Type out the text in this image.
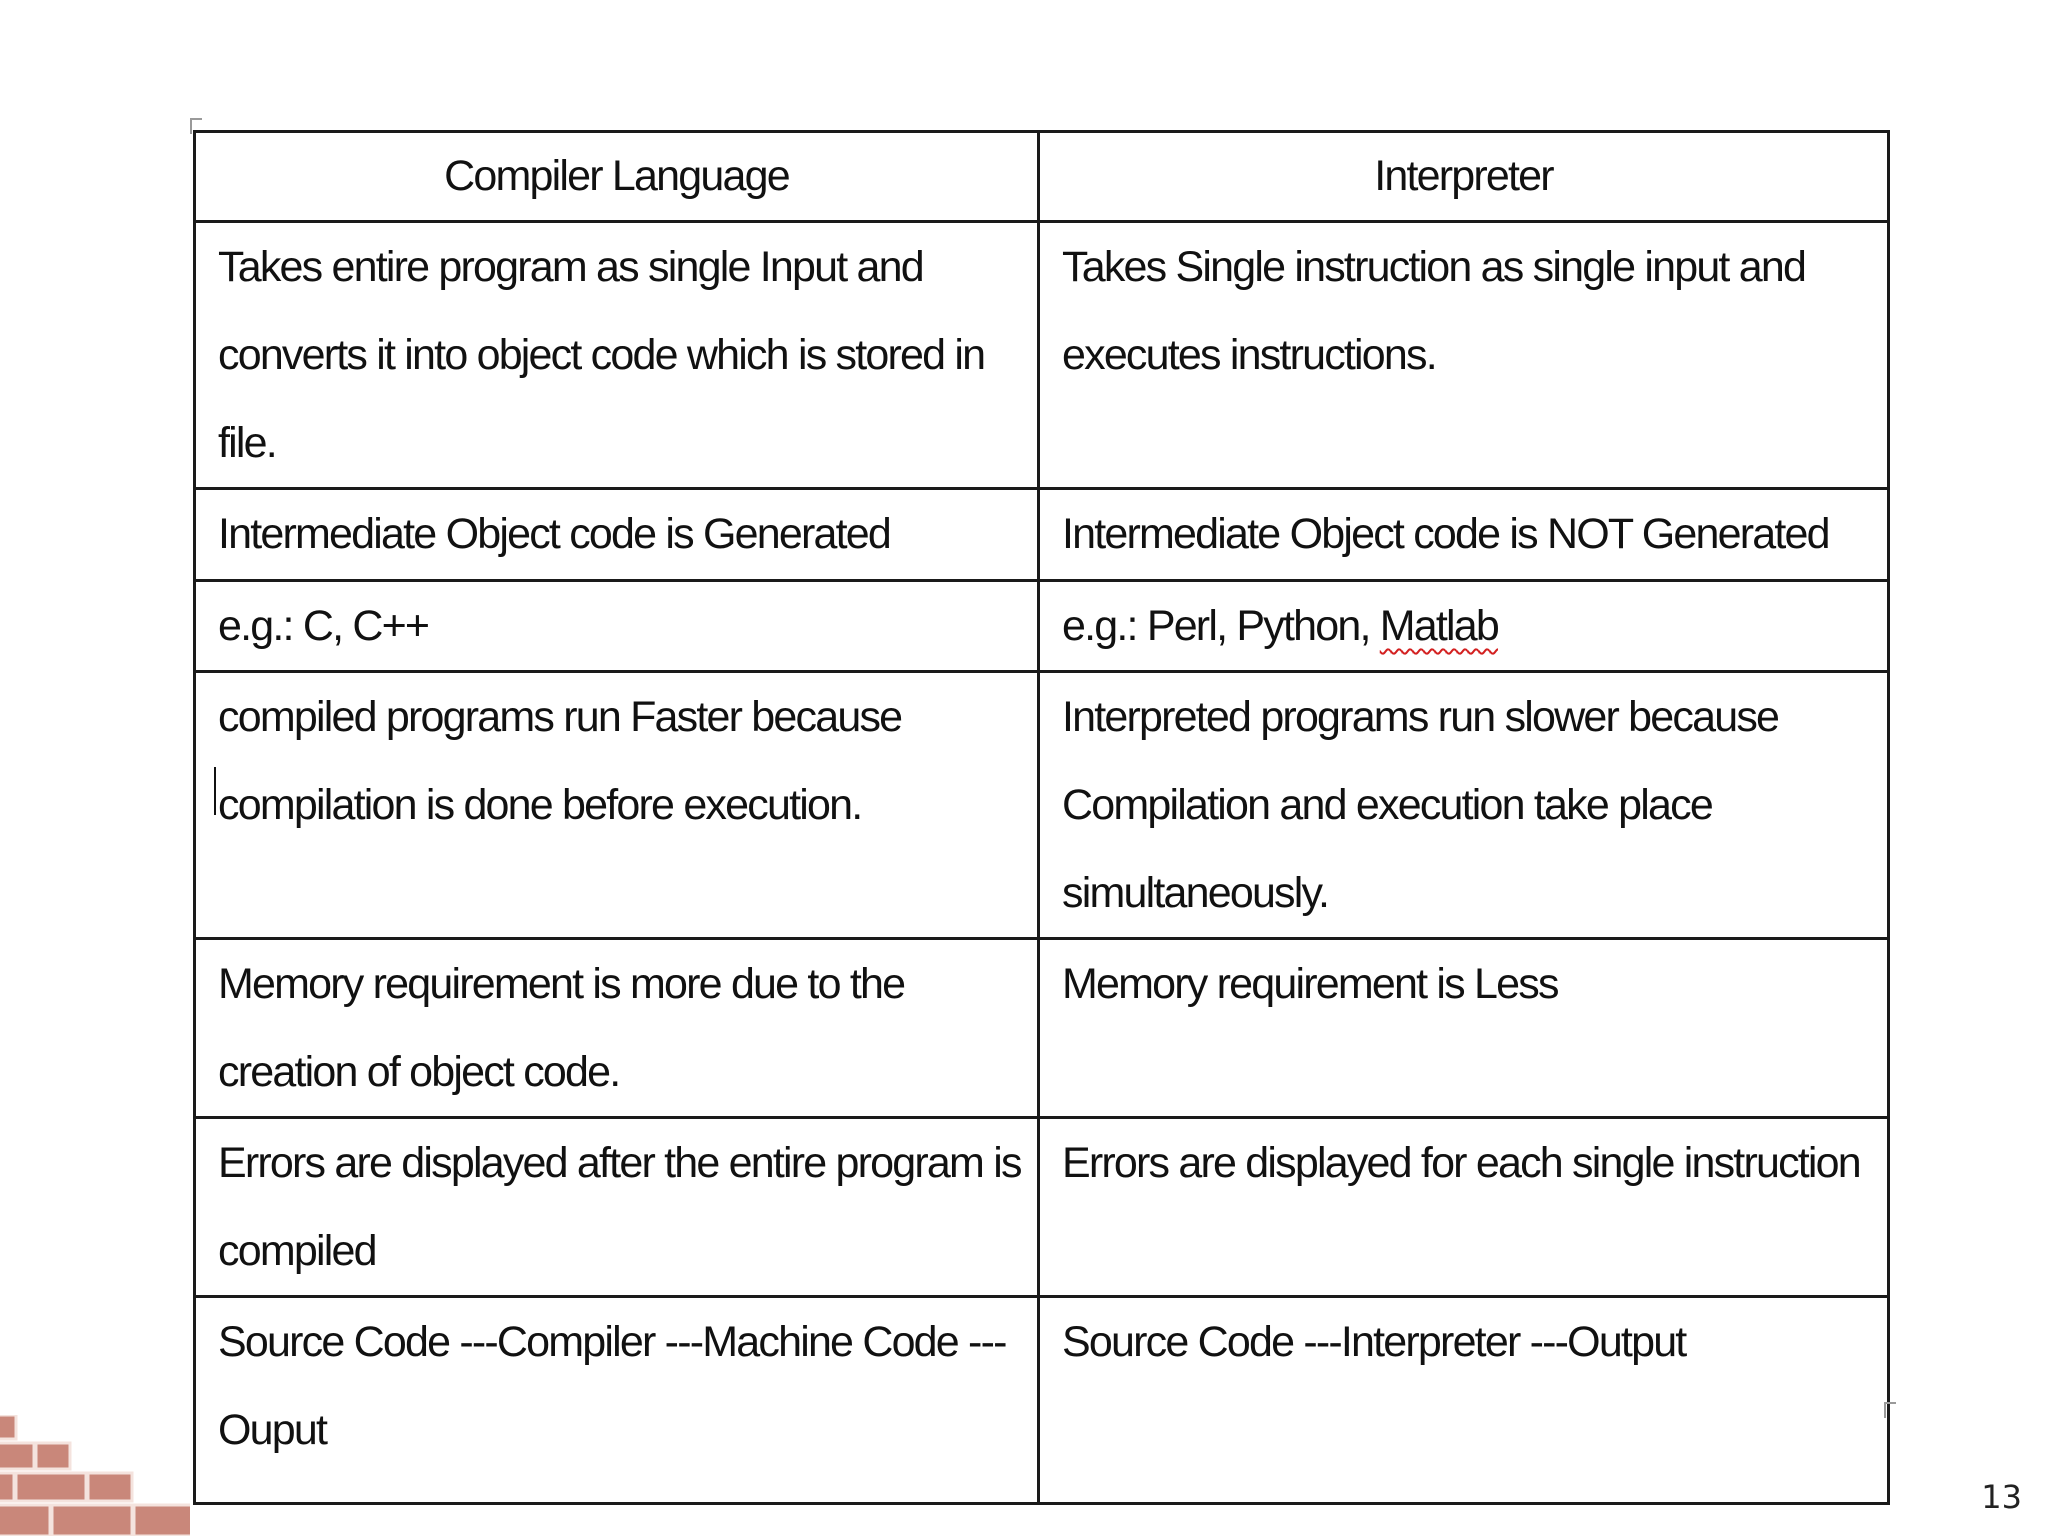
Compiler Language	Interpreter
Takes entire program as single Input and converts it into object code which is stored in file.	Takes Single instruction as single input and executes instructions.
Intermediate Object code is Generated	Intermediate Object code is NOT Generated
e.g.: C, C++	e.g.: Perl, Python, Matlab

compiled programs run Faster because compilation is done before execution.	Interpreted programs run slower because Compilation and execution take place simultaneously.
Memory requirement is more due to the creation of object code.	Memory requirement is Less
Errors are displayed after the entire program is compiled	Errors are displayed for each single instruction
Source Code ---Compiler ---Machine Code ---Ouput	Source Code ---Interpreter ---Output
13
